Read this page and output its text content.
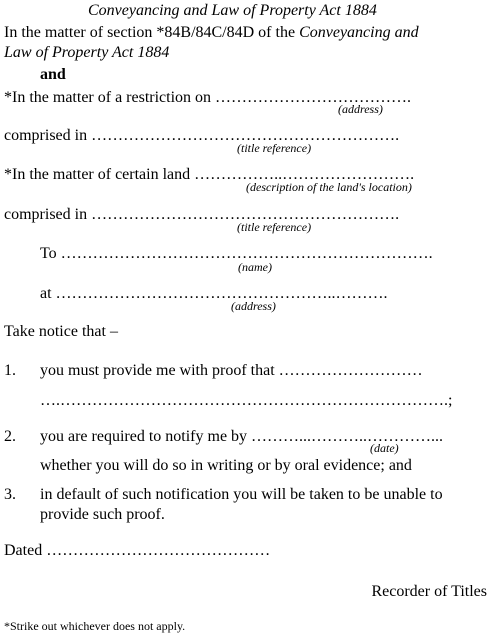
Conveyancing and Law of Property Act 1884
In the matter of section *84B/84C/84D of the Conveyancing and
Law of Property Act 1884
and
*In the matter of a restriction on ……………………………….
(address)
comprised in ………………………………………………….
(title reference)
*In the matter of certain land ……………..…………………….
(description of the land's location)
comprised in ………………………………………………….
(title reference)
To …………………………………………………………….
(name)
at ……………………………………………..……….
(address)
Take notice that –
1. you must provide me with proof that ………………………
….……………………………………………………………….;
2. you are required to notify me by ………...………..…………...
(date)
whether you will do so in writing or by oral evidence; and
3. in default of such notification you will be taken to be unable to
provide such proof.
Dated ……………………………………
Recorder of Titles
*Strike out whichever does not apply.
